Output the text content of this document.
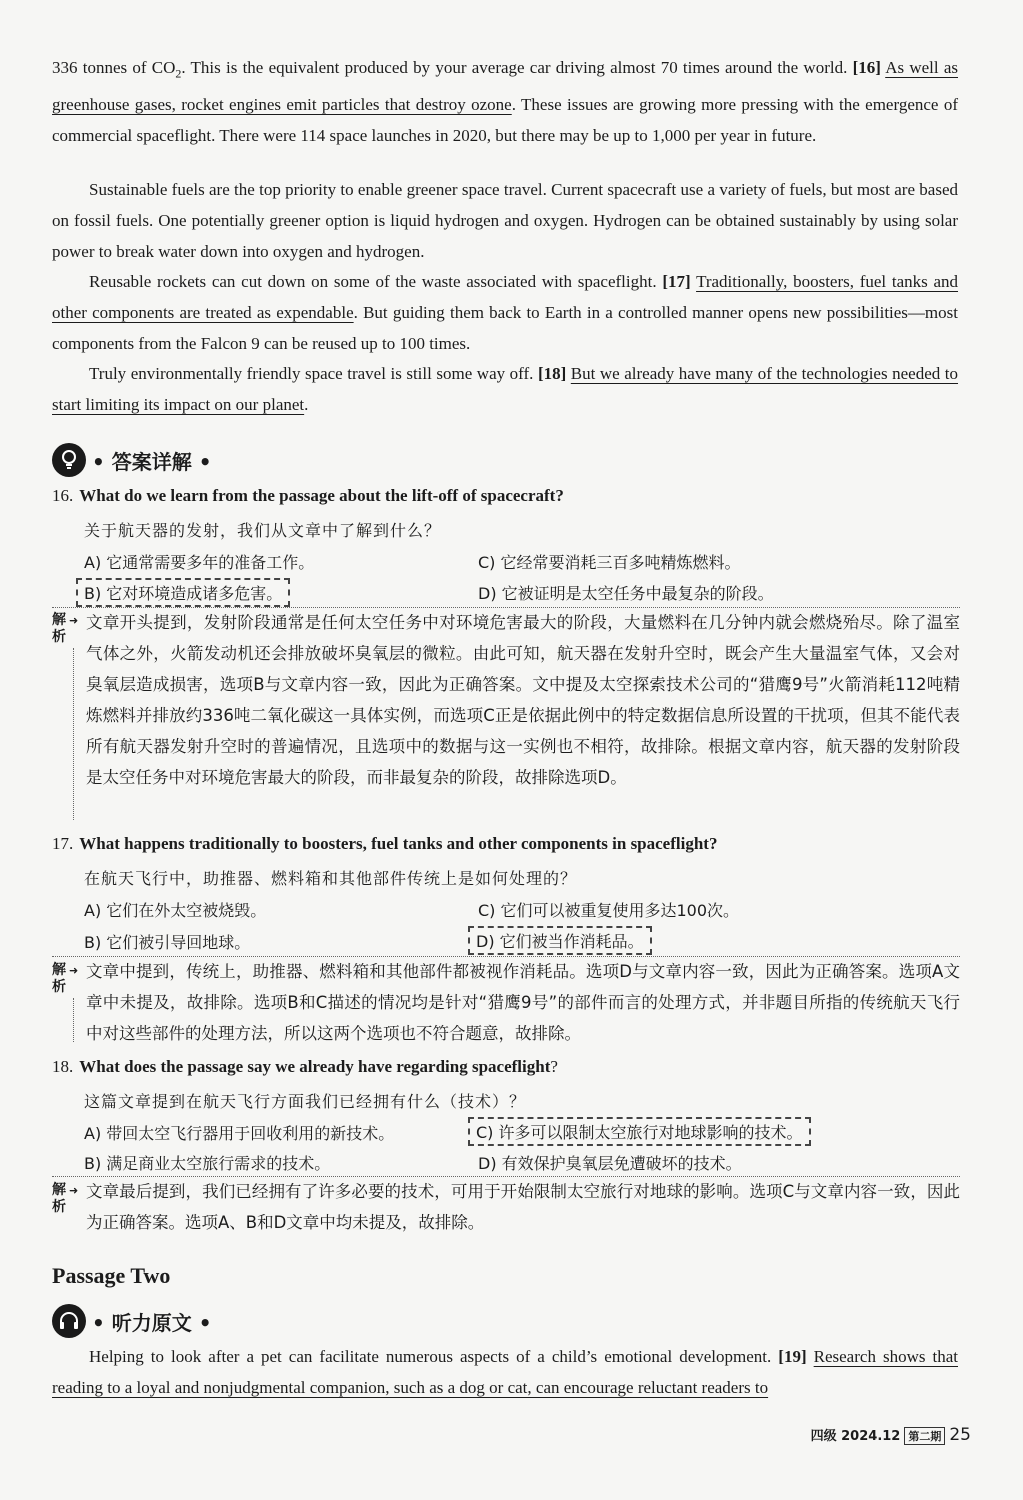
336 tonnes of $CO_2$. This is the equivalent produced by your average car driving almost 70 times around the world. [16] As well as greenhouse gases, rocket engines emit particles that destroy ozone. These issues are growing more pressing with the emergence of commercial spaceflight. There were 114 space launches in 2020, but there may be up to 1,000 per year in future.

Sustainable fuels are the top priority to enable greener space travel. Current spacecraft use a variety of fuels, but most are based on fossil fuels. One potentially greener option is liquid hydrogen and oxygen. Hydrogen can be obtained sustainably by using solar power to break water down into oxygen and hydrogen.

Reusable rockets can cut down on some of the waste associated with spaceflight. [17] Traditionally, boosters, fuel tanks and other components are treated as expendable. But guiding them back to Earth in a controlled manner opens new possibilities—most components from the Falcon 9 can be reused up to 100 times.

Truly environmentally friendly space travel is still some way off. [18] But we already have many of the technologies needed to start limiting its impact on our planet.

• 答案详解 •
16. What do we learn from the passage about the lift-off of spacecraft?
关于航天器的发射，我们从文章中了解到什么？
A) 它通常需要多年的准备工作。	C) 它经常要消耗三百多吨精炼燃料。
B) 它对环境造成诸多危害。	D) 它被证明是太空任务中最复杂的阶段。
解析
➜ 文章开头提到，发射阶段通常是任何太空任务中对环境危害最大的阶段，大量燃料在几分钟内就会燃烧殆尽。除了温室气体之外，火箭发动机还会排放破坏臭氧层的微粒。由此可知，航天器在发射升空时，既会产生大量温室气体，又会对臭氧层造成损害，选项B与文章内容一致，因此为正确答案。文中提及太空探索技术公司的“猎鹰9号”火箭消耗112吨精炼燃料并排放约336吨二氧化碳这一具体实例，而选项C正是依据此例中的特定数据信息所设置的干扰项，但其不能代表所有航天器发射升空时的普遍情况，且选项中的数据与这一实例也不相符，故排除。根据文章内容，航天器的发射阶段是太空任务中对环境危害最大的阶段，而非最复杂的阶段，故排除选项D。

17. What happens traditionally to boosters, fuel tanks and other components in spaceflight?
在航天飞行中，助推器、燃料箱和其他部件传统上是如何处理的？
A) 它们在外太空被烧毁。	C) 它们可以被重复使用多达100次。
B) 它们被引导回地球。	D) 它们被当作消耗品。
解析
➜ 文章中提到，传统上，助推器、燃料箱和其他部件都被视作消耗品。选项D与文章内容一致，因此为正确答案。选项A文章中未提及，故排除。选项B和C描述的情况均是针对“猎鹰9号”的部件而言的处理方式，并非题目所指的传统航天飞行中对这些部件的处理方法，所以这两个选项也不符合题意，故排除。

18. What does the passage say we already have regarding spaceflight?
这篇文章提到在航天飞行方面我们已经拥有什么（技术）？
A) 带回太空飞行器用于回收利用的新技术。	C) 许多可以限制太空旅行对地球影响的技术。
B) 满足商业太空旅行需求的技术。	D) 有效保护臭氧层免遭破坏的技术。
解析
➜ 文章最后提到，我们已经拥有了许多必要的技术，可用于开始限制太空旅行对地球的影响。选项C与文章内容一致，因此为正确答案。选项A、B和D文章中均未提及，故排除。

Passage Two
• 听力原文 •

Helping to look after a pet can facilitate numerous aspects of a child’s emotional development. [19] Research shows that reading to a loyal and nonjudgmental companion, such as a dog or cat, can encourage reluctant readers to

四级 2024.12 第二期 25
